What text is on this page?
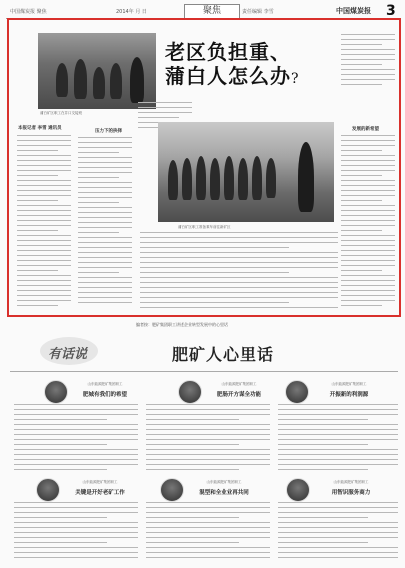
中国煤炭报 聚焦	2014年 月 日	聚焦	责任编辑 李雪	中国煤炭报 3
蒲白矿区职工在井口交接班
老区负担重、
蒲白人怎么办?
本报记者 李雪 通讯员
压力下的抉择
蒲白矿区职工准备乘车前往新矿区
发展的新希望
编者按：肥矿集团职工讲述企业转型发展中的心里话
有话说	肥矿人心里话
山东能源肥矿集团职工
肥城有我们的希望
山东能源肥矿集团职工
肥肠开方谋全功能
山东能源肥矿集团职工
开振新的利润源
山东能源肥矿集团职工
关键是开好老矿工作
山东能源肥矿集团职工
混型和全业业再共同
山东能源肥矿集团职工
用智识服务商力
